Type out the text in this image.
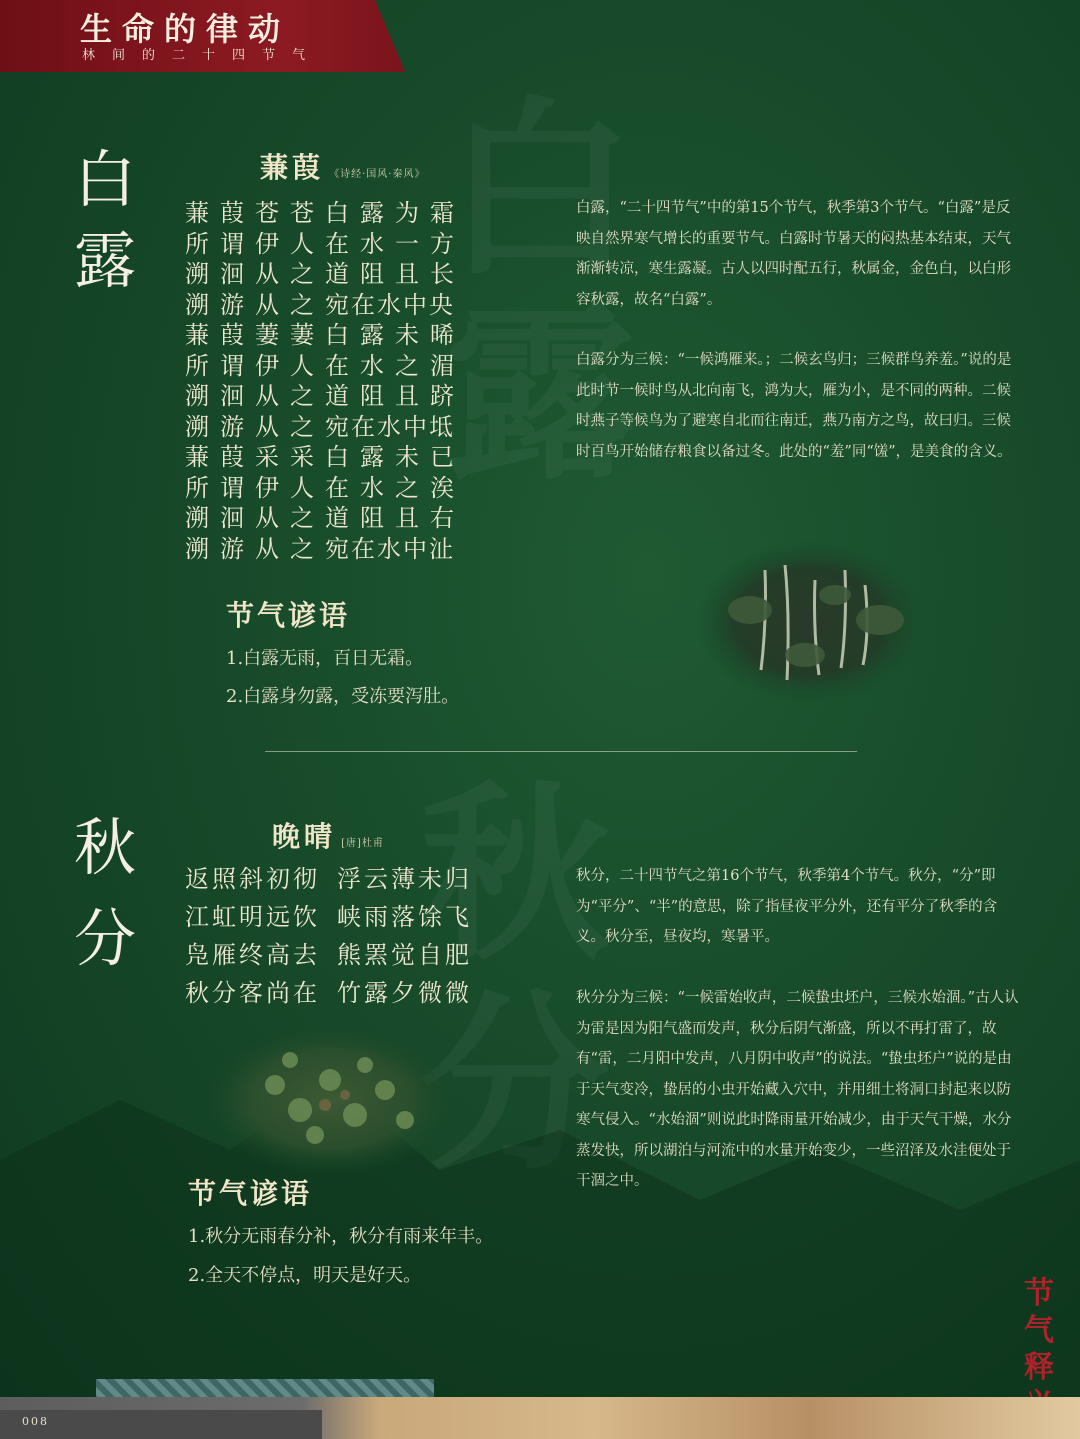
生命的律动
林间的二十四节气
白
露
蒹葭 《诗经·国风·秦风》
蒹葭苍苍白露为霜
所谓伊人在水一方
溯洄从之道阻且长
溯游从之宛在水中央
蒹葭萋萋白露未晞
所谓伊人在水之湄
溯洄从之道阻且跻
溯游从之宛在水中坻
蒹葭采采白露未已
所谓伊人在水之涘
溯洄从之道阻且右
溯游从之宛在水中沚
节气谚语
1.白露无雨，百日无霜。
2.白露身勿露，受冻要泻肚。
白露，“二十四节气”中的第15个节气，秋季第3个节气。“白露”是反映自然界寒气增长的重要节气。白露时节暑天的闷热基本结束，天气渐渐转凉，寒生露凝。古人以四时配五行，秋属金，金色白，以白形容秋露，故名“白露”。
白露分为三候：“一候鸿雁来。；二候玄鸟归；三候群鸟养羞。”说的是此时节一候时鸟从北向南飞，鸿为大，雁为小，是不同的两种。二候时燕子等候鸟为了避寒自北而往南迁，燕乃南方之鸟，故曰归。三候时百鸟开始储存粮食以备过冬。此处的“羞”同“馐”，是美食的含义。
秋
分
晚晴 [唐]杜甫
返照斜初彻 浮云薄未归
江虹明远饮 峡雨落馀飞
凫雁终高去 熊罴觉自肥
秋分客尚在 竹露夕微微
节气谚语
1.秋分无雨春分补，秋分有雨来年丰。
2.全天不停点，明天是好天。
秋分，二十四节气之第16个节气，秋季第4个节气。秋分，“分”即为“平分”、“半”的意思，除了指昼夜平分外，还有平分了秋季的含义。秋分至，昼夜均，寒暑平。
秋分分为三候：“一候雷始收声，二候蛰虫坯户，三候水始涸。”古人认为雷是因为阳气盛而发声，秋分后阴气渐盛，所以不再打雷了，故有“雷，二月阳中发声，八月阴中收声”的说法。“蛰虫坯户”说的是由于天气变冷，蛰居的小虫开始藏入穴中，并用细土将洞口封起来以防寒气侵入。“水始涸”则说此时降雨量开始减少，由于天气干燥，水分蒸发快，所以湖泊与河流中的水量开始变少，一些沼泽及水洼便处于干涸之中。
节
气
释
008
